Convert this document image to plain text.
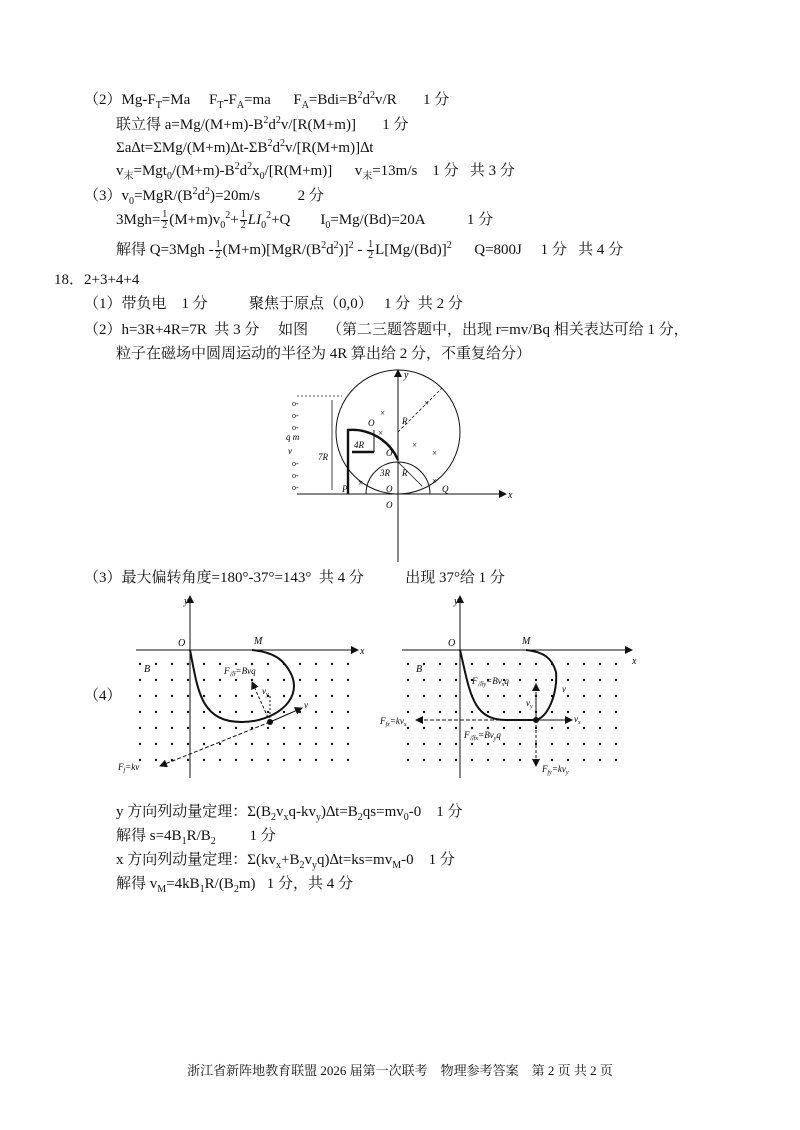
$(2)Mg-F_T=Ma$ $F_T-F_A=ma$ $F_A=Bdi=B^2d^2v/R$ 1 分
联立得 $a=Mg/(M+m)-B^2d^2v/[R(M+m)]$ 1 分
$\Sigma a\Delta t=\Sigma Mg/(M+m)\Delta t-\Sigma B^2d^2v/[R(M+m)]\Delta t$
$v_末=Mgt_0/(M+m)-B^2d^2x_0/[R(M+m)]$ $v_末=13m/s$ 1 分 共 3 分
$(3)v_0=MgR/(B^2d^2)=20m/s$	2 分
$3Mgh= \frac{1}{2} (M+m)v_0^2+ \frac{1}{2} LI_0^2+Q$ $I_0=Mg/(Bd)=20A$	1 分
解得 $Q=3Mgh - \frac{1}{2} (M+m)[MgR/(B^2d^2)]^2 - \frac{1}{2} L[Mg/(Bd)]^2$ Q=800J 1 分 共 4 分
18．2+3+4+4
（1）带负电 1 分	聚焦于原点（0,0） 1 分 共 2 分
（2）h=3R+4R=7R 共 3 分 如图 （第二三题答题中，出现 r=mv/Bq 相关表达可给 1 分，
粒子在磁场中圆周运动的半径为 4R 算出给 2 分，不重复给分）
y
x
O
O
R
R
3R
4R
7R
q m
v
P	Q
O
O
o-
o-
o-
o-
o-
o-
×
×
×
×
×
×	×
（3）最大偏转角度=180°-37°=143° 共 4 分	出现 37°给 1 分
（4）
y
x
O	M
B	$F_洛=Bvq$
$v_y$
v
$F_f=kv$
y
x
O	M
B
$F_{洛y}=Bv_xq$
$F_{洛x}=Bv_yq$
$F_{fx}=kv_x$
$F_{fy}=kv_y$
$v_x$
$v_y$
v
y 方向列动量定理：$\Sigma(B_2v_xq-kv_y)\Delta t=B_2qs=mv_0-0$ 1 分
解得 $s=4B_1R/B_2$ 1 分
x 方向列动量定理：$\Sigma(kv_x+B_2v_yq)\Delta t=ks=mv_M-0$ 1 分
解得 $v_M=4kB_1R/(B_2m)$ 1 分，共 4 分
浙江省新阵地教育联盟 2026 届第一次联考　物理参考答案　第 2 页 共 2 页
